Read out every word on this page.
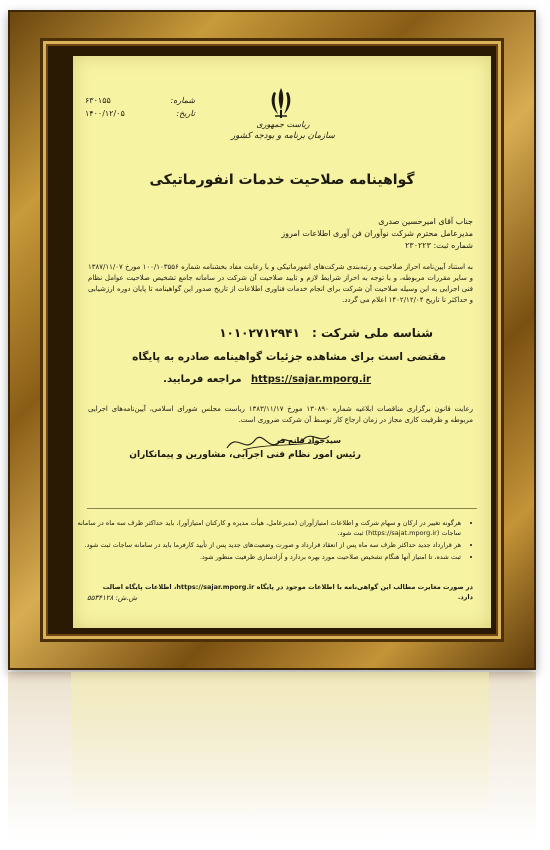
شماره:
۶۳۰۱۵۵
تاریخ:
۱۴۰۰/۱۲/۰۵
ریاست جمهوری
سازمان برنامه و بودجه کشور
گواهینامه صلاحیت خدمات انفورماتیکی
جناب آقای امیرحسین صدری
مدیرعامل محترم شرکت نوآوران فن آوری اطلاعات امروز
شماره ثبت: ۲۳۰۲۲۳
به استناد آیین‌نامه احراز صلاحیت و رتبه‌بندی شرکت‌های انفورماتیکی و با رعایت مفاد بخشنامه شماره ۱۰۰/۱۰۳۵۵۶ مورخ ۱۳۸۷/۱۱/۰۷ و سایر مقررات مربوطه، و با توجه به احراز شرایط لازم و تایید صلاحیت آن شرکت در سامانه جامع تشخیص صلاحیت عوامل نظام فنی اجرایی به این وسیله صلاحیت آن شرکت برای انجام خدمات فناوری اطلاعات از تاریخ صدور این گواهینامه تا پایان دوره ارزشیابی و حداکثر تا تاریخ ۱۴۰۲/۱۲/۰۴ اعلام می گردد.
شناسه ملی شرکت : ۱۰۱۰۲۷۱۲۹۴۱
مقتضی است برای مشاهده جزئیات گواهینامه صادره به پایگاه
https://sajar.mporg.ir مراجعه فرمایید.
رعایت قانون برگزاری مناقصات ابلاغیه شماره ۱۳۰۸۹۰ مورخ ۱۳۸۳/۱۱/۱۷ ریاست مجلس شورای اسلامی، آیین‌نامه‌های اجرایی مربوطه و ظرفیت کاری مجاز در زمان ارجاع کار توسط آن شرکت ضروری است.
سیدجواد قانع فر
رئیس امور نظام فنی اجرایی، مشاورین و پیمانکاران
• هرگونه تغییر در ارکان و سهام شرکت و اطلاعات امتیازآوران (مدیرعامل، هیأت مدیره و کارکنان امتیازآور)، باید حداکثر ظرف سه ماه در سامانه ساجات (https://sajat.mporg.ir) ثبت شود.
• هر قرارداد جدید حداکثر ظرف سه ماه پس از انعقاد قرارداد و صورت وضعیت‌های جدید پس از تأیید کارفرما باید در سامانه ساجات ثبت شود.
• ثبت شده، تا امتیاز آنها هنگام تشخیص صلاحیت مورد بهره بردارد و آزادسازی ظرفیت منظور شود.
در صورت مغایرت مطالب این گواهی‌نامه با اطلاعات موجود در پایگاه https://sajar.mporg.ir، اطلاعات پایگاه اصالت دارد.
ش.ش: ۵۵۳۴۱۲۸
